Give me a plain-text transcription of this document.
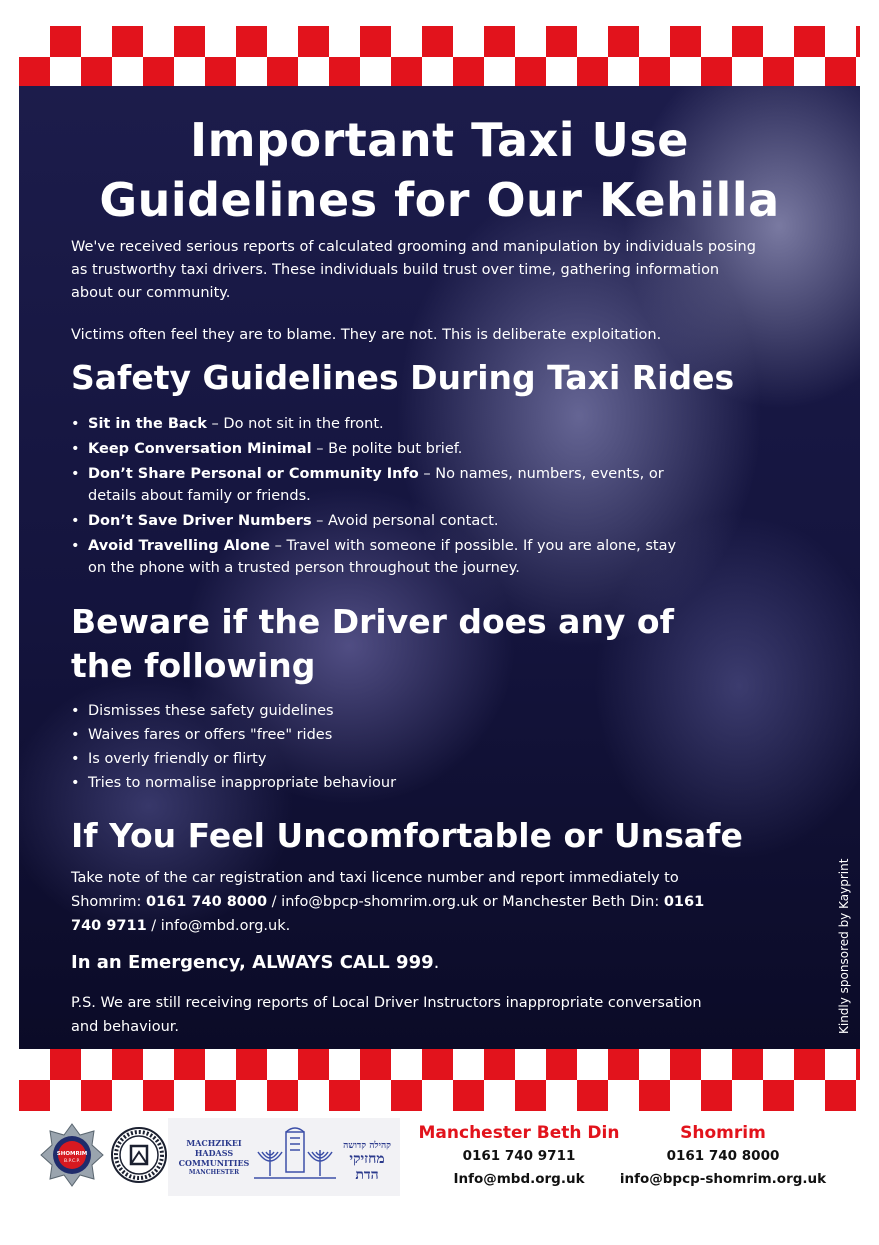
Important Taxi Use
Guidelines for Our Kehilla
We've received serious reports of calculated grooming and manipulation by individuals posing as trustworthy taxi drivers. These individuals build trust over time, gathering information about our community.
Victims often feel they are to blame. They are not. This is deliberate exploitation.
Safety Guidelines During Taxi Rides
• Sit in the Back – Do not sit in the front.
• Keep Conversation Minimal – Be polite but brief.
• Don’t Share Personal or Community Info – No names, numbers, events, or details about family or friends.
• Don’t Save Driver Numbers – Avoid personal contact.
• Avoid Travelling Alone – Travel with someone if possible. If you are alone, stay on the phone with a trusted person throughout the journey.
Beware if the Driver does any of the following
• Dismisses these safety guidelines
• Waives fares or offers "free" rides
• Is overly friendly or flirty
• Tries to normalise inappropriate behaviour
If You Feel Uncomfortable or Unsafe
Take note of the car registration and taxi licence number and report immediately to Shomrim: 0161 740 8000 / info@bpcp-shomrim.org.uk or Manchester Beth Din: 0161 740 9711 / info@mbd.org.uk.
In an Emergency, ALWAYS CALL 999.
P.S. We are still receiving reports of Local Driver Instructors inappropriate conversation and behaviour.	Kindly sponsored by Kayprint
SHOMRIM
B.P.C.P.
MACHZIKEI
HADASS
COMMUNITIES
MANCHESTER
קהילה קדושה
מחזיקי
הדת
Manchester Beth Din
0161 740 9711
Info@mbd.org.uk
Shomrim
0161 740 8000
info@bpcp-shomrim.org.uk
